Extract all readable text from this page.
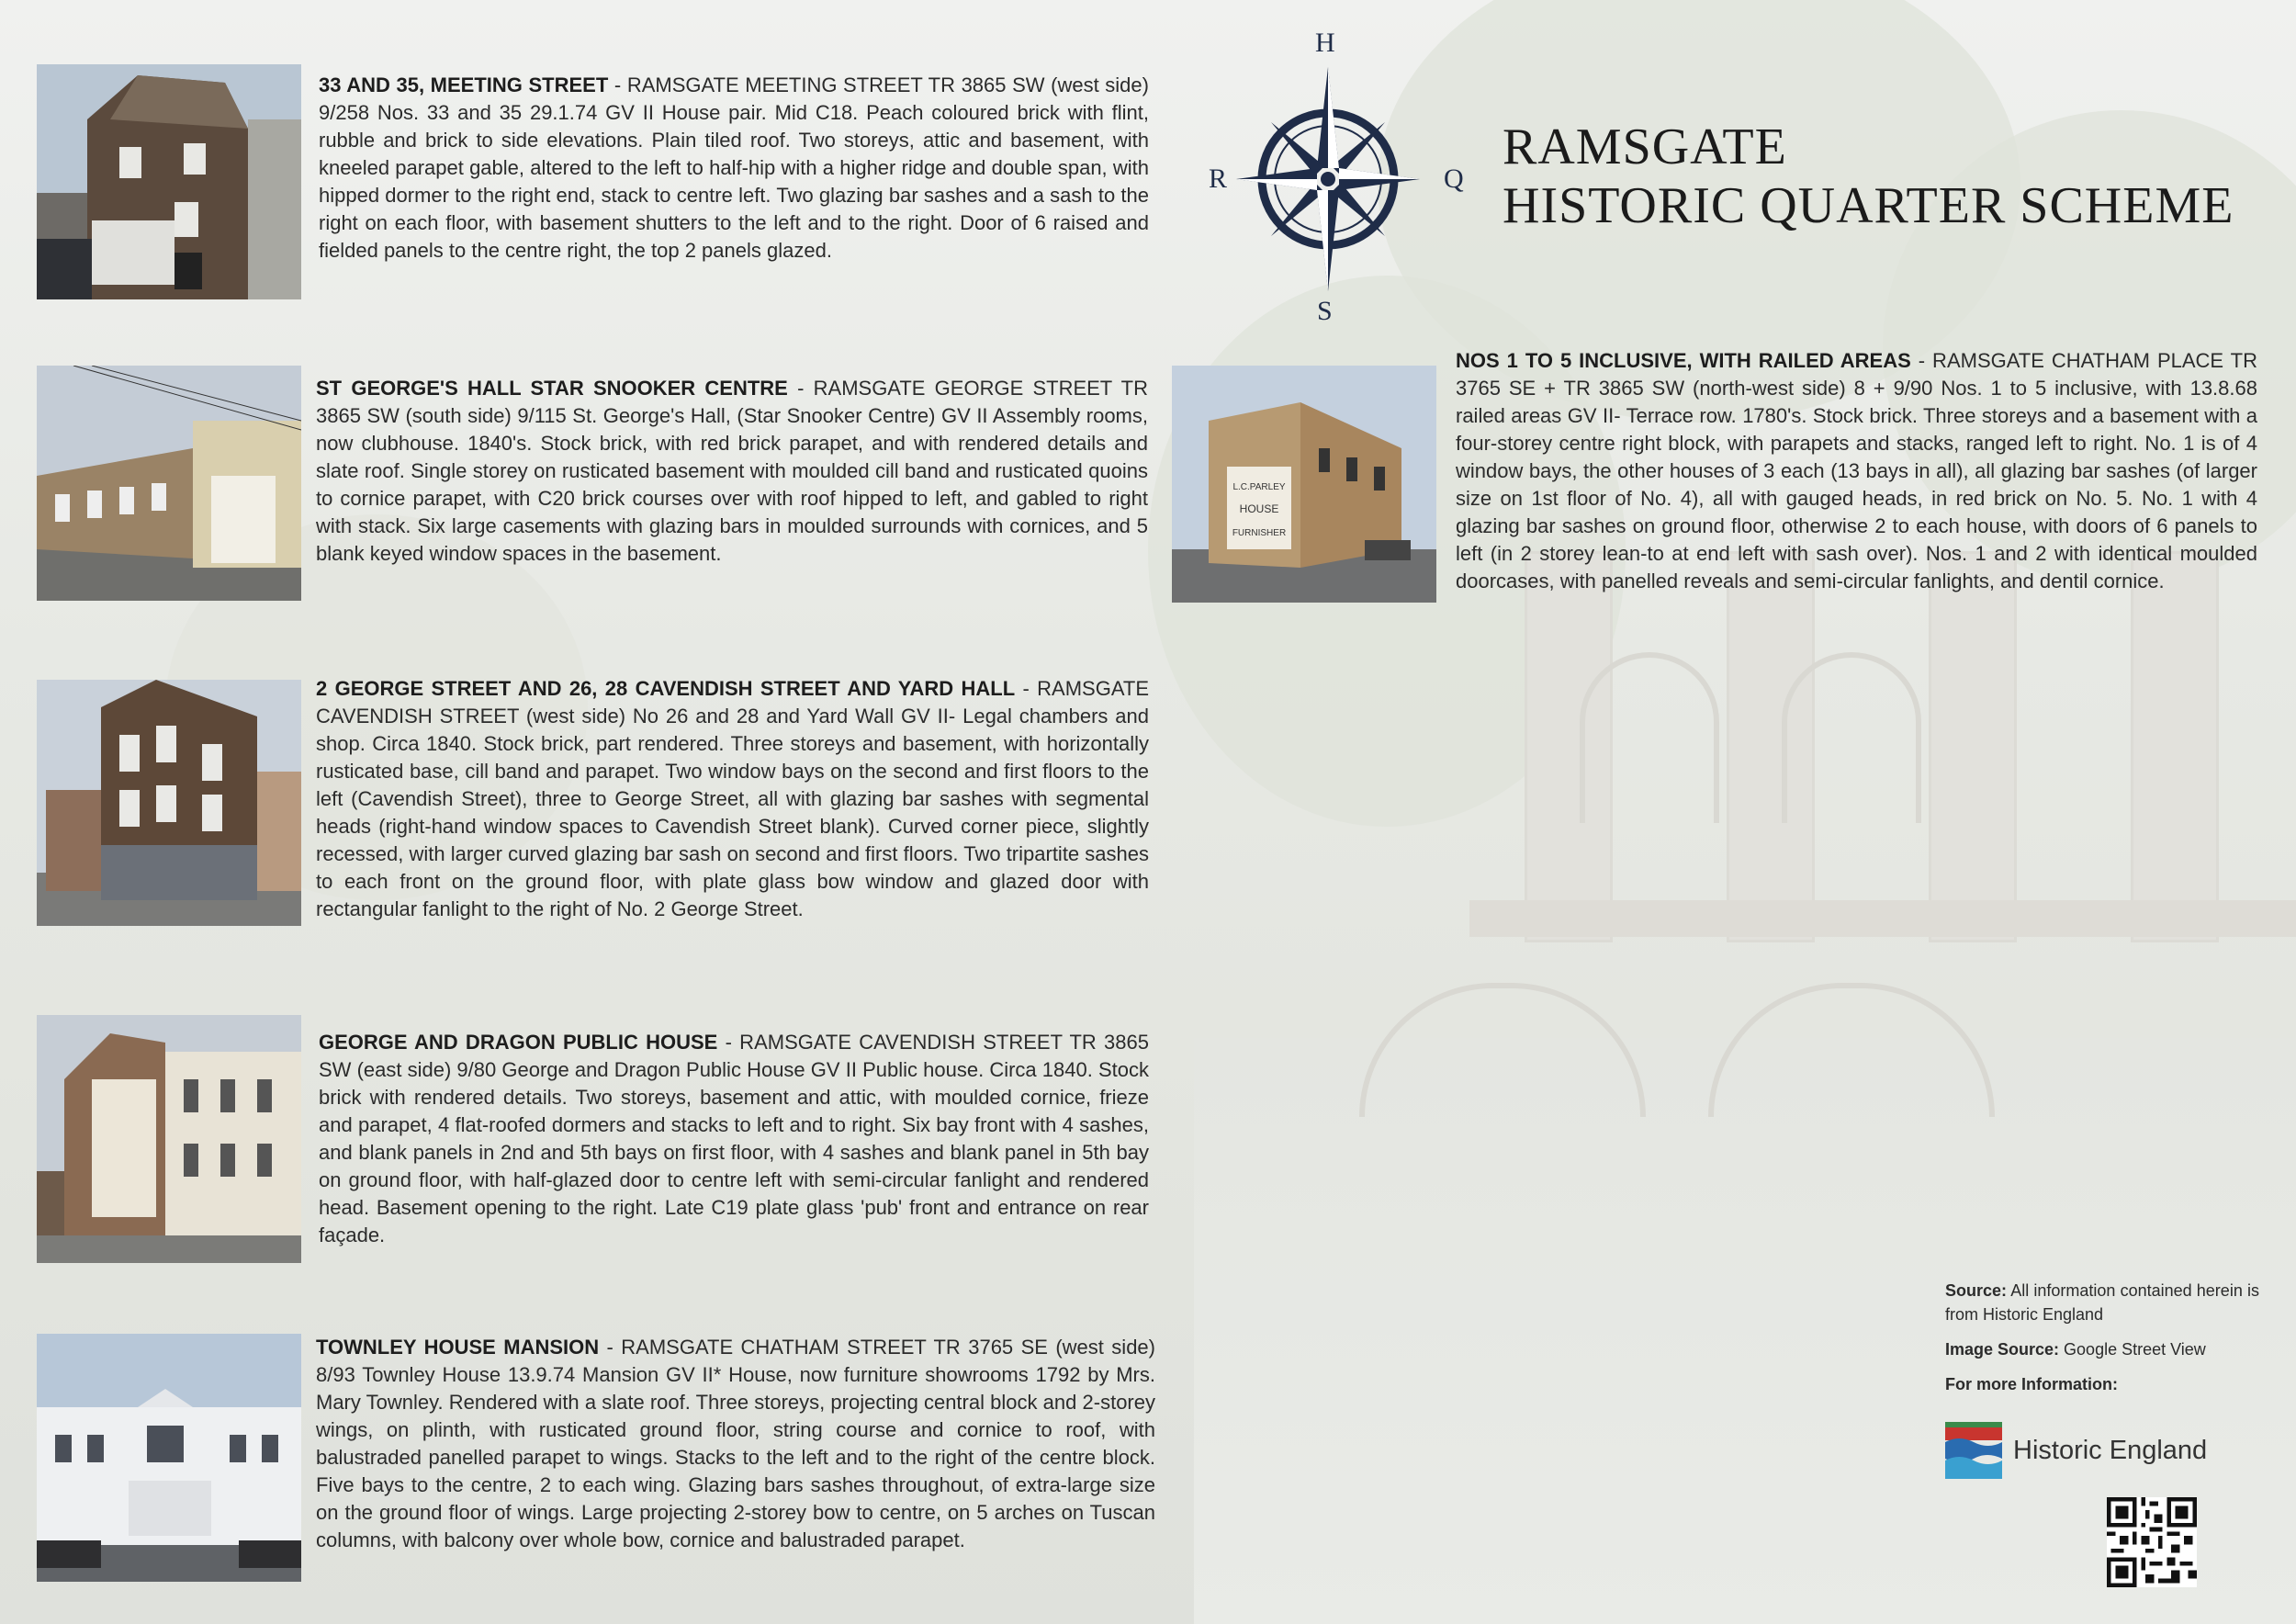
33 AND 35, MEETING STREET - RAMSGATE MEETING STREET TR 3865 SW (west side) 9/258 Nos. 33 and 35 29.1.74 GV II House pair. Mid C18. Peach coloured brick with flint, rubble and brick to side elevations. Plain tiled roof. Two storeys, attic and basement, with kneeled parapet gable, altered to the left to half-hip with a higher ridge and double span, with hipped dormer to the right end, stack to centre left. Two glazing bar sashes and a sash to the right on each floor, with basement shutters to the left and to the right. Door of 6 raised and fielded panels to the centre right, the top 2 panels glazed.
ST GEORGE'S HALL STAR SNOOKER CENTRE - RAMSGATE GEORGE STREET TR 3865 SW (south side) 9/115 St. George's Hall, (Star Snooker Centre) GV II Assembly rooms, now clubhouse. 1840's. Stock brick, with red brick parapet, and with rendered details and slate roof. Single storey on rusticated basement with moulded cill band and rusticated quoins to cornice parapet, with C20 brick courses over with roof hipped to left, and gabled to right with stack. Six large casements with glazing bars in moulded surrounds with cornices, and 5 blank keyed window spaces in the basement.
2 GEORGE STREET AND 26, 28 CAVENDISH STREET AND YARD HALL - RAMSGATE CAVENDISH STREET (west side) No 26 and 28 and Yard Wall GV II- Legal chambers and shop. Circa 1840. Stock brick, part rendered. Three storeys and basement, with horizontally rusticated base, cill band and parapet. Two window bays on the second and first floors to the left (Cavendish Street), three to George Street, all with glazing bar sashes with segmental heads (right-hand window spaces to Cavendish Street blank). Curved corner piece, slightly recessed, with larger curved glazing bar sash on second and first floors. Two tripartite sashes to each front on the ground floor, with plate glass bow window and glazed door with rectangular fanlight to the right of No. 2 George Street.
GEORGE AND DRAGON PUBLIC HOUSE - RAMSGATE CAVENDISH STREET TR 3865 SW (east side) 9/80 George and Dragon Public House GV II Public house. Circa 1840. Stock brick with rendered details. Two storeys, basement and attic, with moulded cornice, frieze and parapet, 4 flat-roofed dormers and stacks to left and to right. Six bay front with 4 sashes, and blank panels in 2nd and 5th bays on first floor, with 4 sashes and blank panel in 5th bay on ground floor, with half-glazed door to centre left with semi-circular fanlight and rendered head. Basement opening to the right. Late C19 plate glass 'pub' front and entrance on rear façade.
TOWNLEY HOUSE MANSION - RAMSGATE CHATHAM STREET TR 3765 SE (west side) 8/93 Townley House 13.9.74 Mansion GV II* House, now furniture showrooms 1792 by Mrs. Mary Townley. Rendered with a slate roof. Three storeys, projecting central block and 2-storey wings, on plinth, with rusticated ground floor, string course and cornice to roof, with balustraded panelled parapet to wings. Stacks to the left and to the right of the centre block. Five bays to the centre, 2 to each wing. Glazing bars sashes throughout, of extra-large size on the ground floor of wings. Large projecting 2-storey bow to centre, on 5 arches on Tuscan columns, with balcony over whole bow, cornice and balustraded parapet.
L.C.PARLEY
HOUSE
FURNISHER
NOS 1 TO 5 INCLUSIVE, WITH RAILED AREAS - RAMSGATE CHATHAM PLACE TR 3765 SE + TR 3865 SW (north-west side) 8 + 9/90 Nos. 1 to 5 inclusive, with 13.8.68 railed areas GV II- Terrace row. 1780's. Stock brick. Three storeys and a basement with a four-storey centre right block, with parapets and stacks, ranged left to right. No. 1 is of 4 window bays, the other houses of 3 each (13 bays in all), all glazing bar sashes (of larger size on 1st floor of No. 4), all with gauged heads, in red brick on No. 5. No. 1 with 4 glazing bar sashes on ground floor, otherwise 2 to each house, with doors of 6 panels to left (in 2 storey lean-to at end left with sash over). Nos. 1 and 2 with identical moulded doorcases, with panelled reveals and semi-circular fanlights, and dentil cornice.
H
S
R	Q
RAMSGATE
HISTORIC QUARTER SCHEME

Source: All information contained herein is from Historic England

Image Source: Google Street View

For more Information:

Historic England
